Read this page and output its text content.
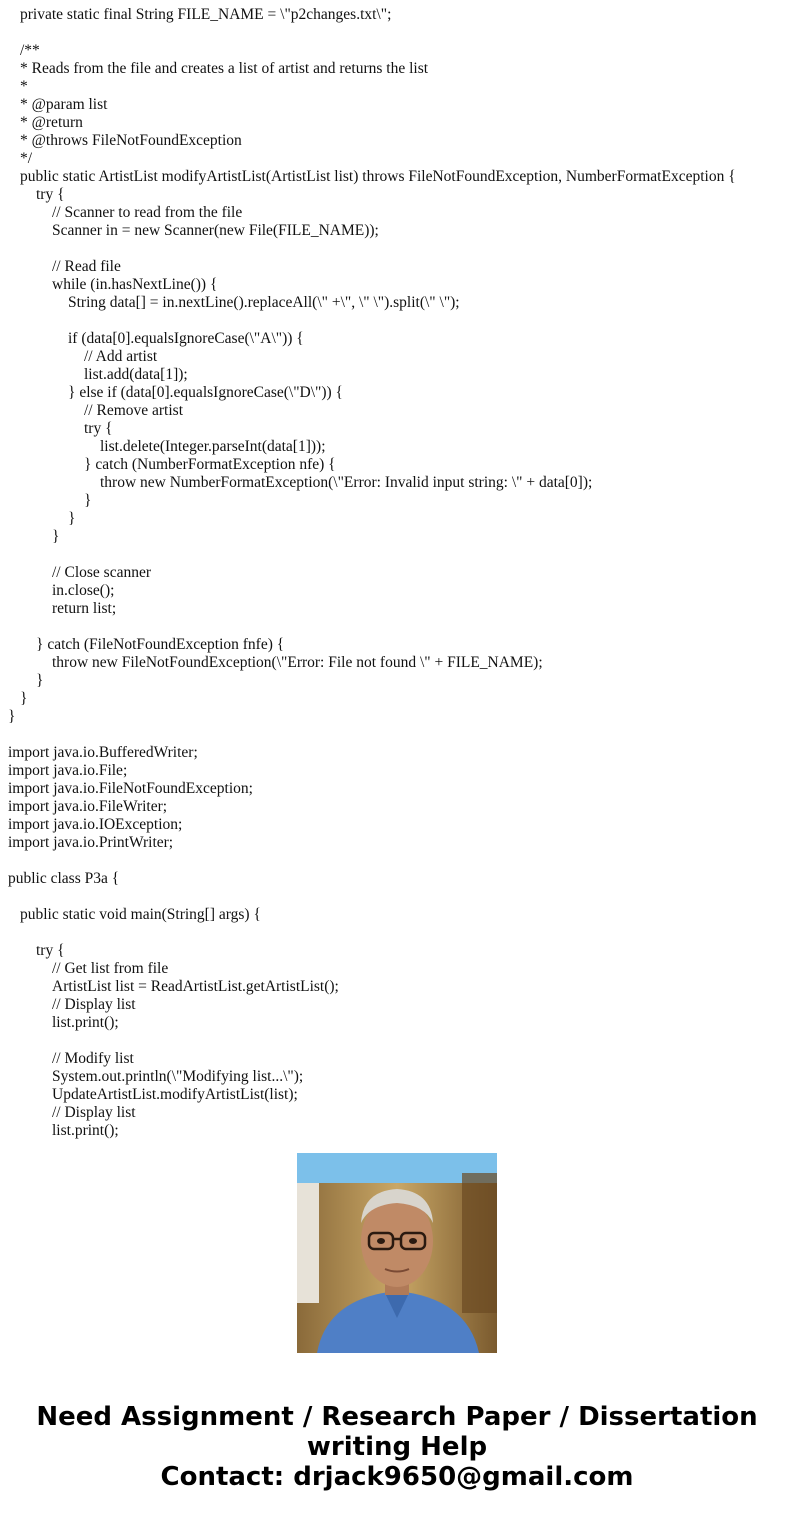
private static final String FILE_NAME = \"p2changes.txt\";
/**
* Reads from the file and creates a list of artist and returns the list
*
* @param list
* @return
* @throws FileNotFoundException
*/
public static ArtistList modifyArtistList(ArtistList list) throws FileNotFoundException, NumberFormatException {
try {
// Scanner to read from the file
Scanner in = new Scanner(new File(FILE_NAME));
// Read file
while (in.hasNextLine()) {
String data[] = in.nextLine().replaceAll(\" +\", \" \").split(\" \");
if (data[0].equalsIgnoreCase(\"A\")) {
// Add artist
list.add(data[1]);
} else if (data[0].equalsIgnoreCase(\"D\")) {
// Remove artist
try {
list.delete(Integer.parseInt(data[1]));
} catch (NumberFormatException nfe) {
throw new NumberFormatException(\"Error: Invalid input string: \" + data[0]);
}
}
}
// Close scanner
in.close();
return list;
} catch (FileNotFoundException fnfe) {
throw new FileNotFoundException(\"Error: File not found \" + FILE_NAME);
}
}
}
import java.io.BufferedWriter;
import java.io.File;
import java.io.FileNotFoundException;
import java.io.FileWriter;
import java.io.IOException;
import java.io.PrintWriter;
public class P3a {
public static void main(String[] args) {
try {
// Get list from file
ArtistList list = ReadArtistList.getArtistList();
// Display list
list.print();
// Modify list
System.out.println(\"Modifying list...\");
UpdateArtistList.modifyArtistList(list);
// Display list
list.print();
Need Assignment / Research Paper / Dissertation
writing Help
Contact: drjack9650@gmail.com
